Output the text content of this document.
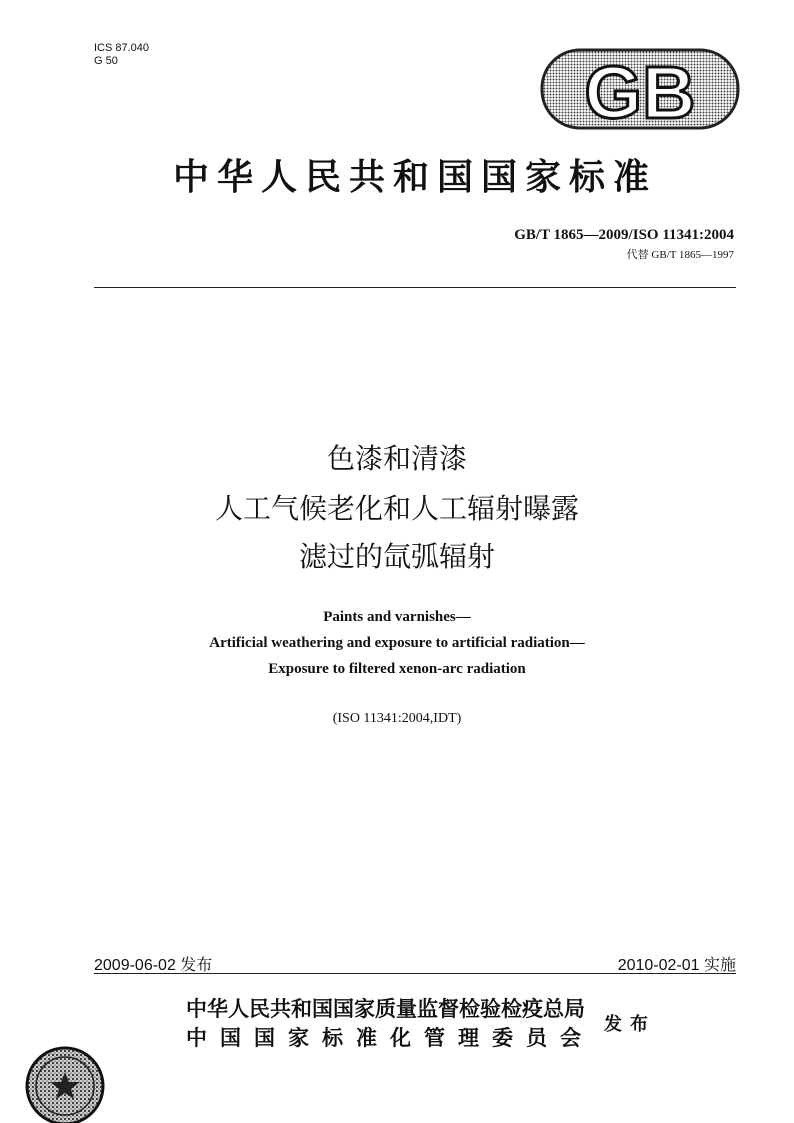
ICS 87.040
G 50	GB
中华人民共和国国家标准
GB/T 1865—2009/ISO 11341:2004
代替 GB/T 1865—1997
色漆和清漆
人工气候老化和人工辐射曝露
滤过的氙弧辐射
Paints and varnishes—
Artificial weathering and exposure to artificial radiation—
Exposure to filtered xenon-arc radiation
(ISO 11341:2004,IDT)
2009-06-02 发布	2010-02-01 实施
中华人民共和国国家质量监督检验检疫总局
中国国家标准化管理委员会
发布
